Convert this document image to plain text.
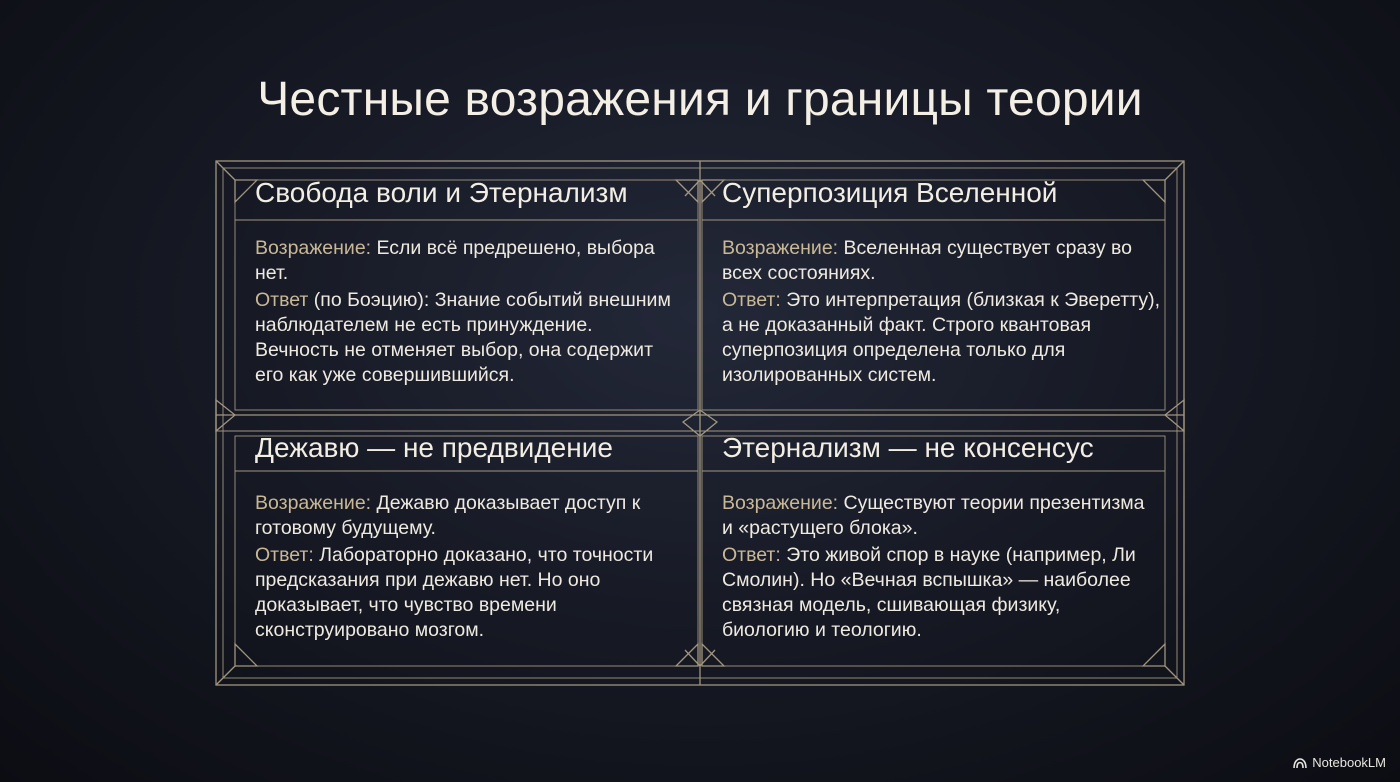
Честные возражения и границы теории
Свобода воли и Этернализм

Возражение: Если всё предрешено, выбора нет.

Ответ (по Боэцию): Знание событий внешним наблюдателем не есть принуждение. Вечность не отменяет выбор, она содержит его как уже совершившийся.

Суперпозиция Вселенной

Возражение: Вселенная существует сразу во всех состояниях.

Ответ: Это интерпретация (близкая к Эверетту), а не доказанный факт. Строго квантовая суперпозиция определена только для изолированных систем.

Дежавю — не предвидение

Возражение: Дежавю доказывает доступ к готовому будущему.

Ответ: Лабораторно доказано, что точности предсказания при дежавю нет. Но оно доказывает, что чувство времени сконструировано мозгом.

Этернализм — не консенсус

Возражение: Существуют теории презентизма и «растущего блока».

Ответ: Это живой спор в науке (например, Ли Смолин). Но «Вечная вспышка» — наиболее связная модель, сшивающая физику, биологию и теологию.

NotebookLM
